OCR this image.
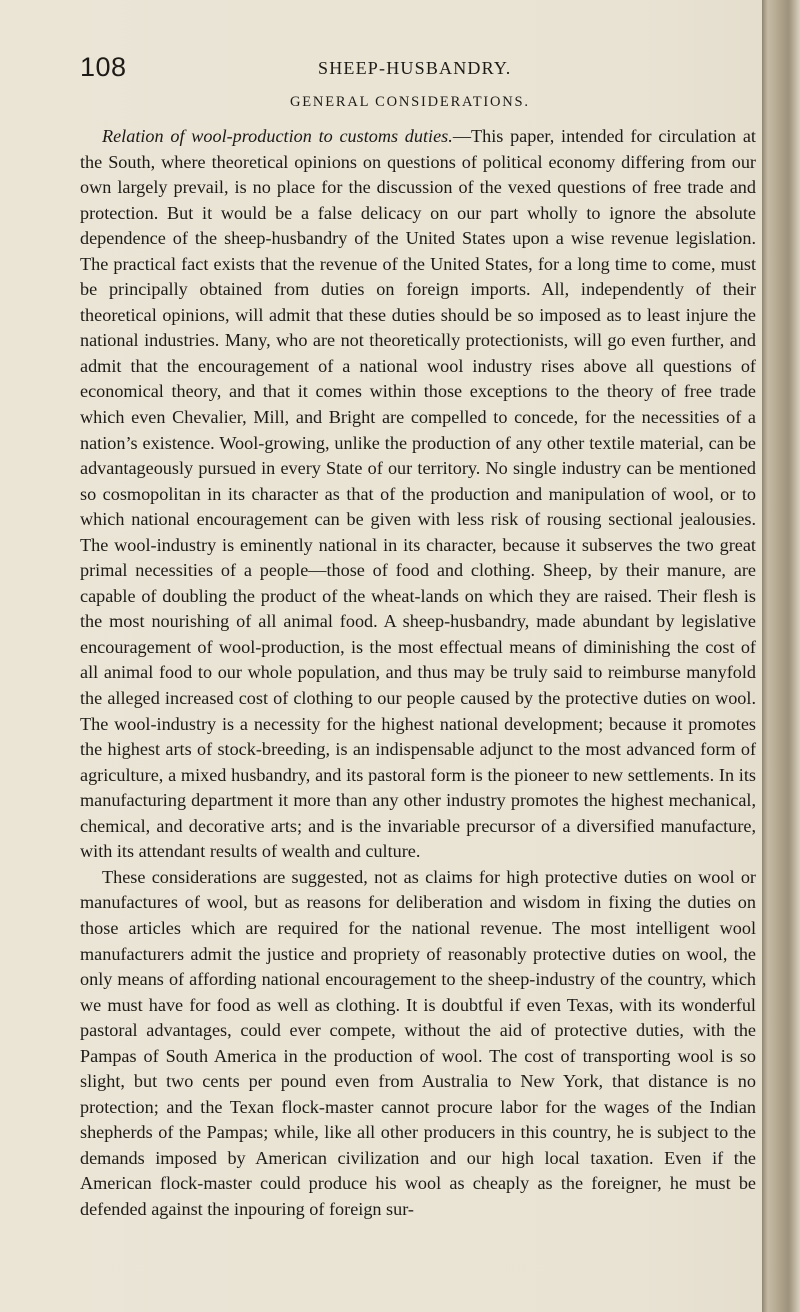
108	SHEEP-HUSBANDRY.
GENERAL CONSIDERATIONS.

Relation of wool-production to customs duties.—This paper, intended for circulation at the South, where theoretical opinions on questions of political economy differing from our own largely prevail, is no place for the discussion of the vexed questions of free trade and protection. But it would be a false delicacy on our part wholly to ignore the absolute dependence of the sheep-husbandry of the United States upon a wise revenue legislation. The practical fact exists that the revenue of the United States, for a long time to come, must be principally obtained from duties on foreign imports. All, independently of their theoretical opinions, will admit that these duties should be so imposed as to least injure the national industries. Many, who are not theoretically protectionists, will go even further, and admit that the encouragement of a national wool industry rises above all questions of economical theory, and that it comes within those exceptions to the theory of free trade which even Chevalier, Mill, and Bright are compelled to concede, for the necessities of a nation’s existence. Wool-growing, unlike the production of any other textile material, can be advantageously pursued in every State of our territory. No single industry can be mentioned so cosmopolitan in its character as that of the production and manipulation of wool, or to which national encouragement can be given with less risk of rousing sectional jealousies. The wool-industry is eminently national in its character, because it subserves the two great primal necessities of a people—those of food and clothing. Sheep, by their manure, are capable of doubling the product of the wheat-lands on which they are raised. Their flesh is the most nourishing of all animal food. A sheep-husbandry, made abundant by legislative encouragement of wool-production, is the most effectual means of diminishing the cost of all animal food to our whole population, and thus may be truly said to reimburse manyfold the alleged increased cost of clothing to our people caused by the protective duties on wool. The wool-industry is a necessity for the highest national development; because it promotes the highest arts of stock-breeding, is an indispensable adjunct to the most advanced form of agriculture, a mixed husbandry, and its pastoral form is the pioneer to new settlements. In its manufacturing department it more than any other industry promotes the highest mechanical, chemical, and decorative arts; and is the invariable precursor of a diversified manufacture, with its attendant results of wealth and culture.

These considerations are suggested, not as claims for high protective duties on wool or manufactures of wool, but as reasons for deliberation and wisdom in fixing the duties on those articles which are required for the national revenue. The most intelligent wool manufacturers admit the justice and propriety of reasonably protective duties on wool, the only means of affording national encouragement to the sheep-industry of the country, which we must have for food as well as clothing. It is doubtful if even Texas, with its wonderful pastoral advantages, could ever compete, without the aid of protective duties, with the Pampas of South America in the production of wool. The cost of transporting wool is so slight, but two cents per pound even from Australia to New York, that distance is no protection; and the Texan flock-master cannot procure labor for the wages of the Indian shepherds of the Pampas; while, like all other producers in this country, he is subject to the demands imposed by American civilization and our high local taxation. Even if the American flock-master could produce his wool as cheaply as the foreigner, he must be defended against the inpouring of foreign sur-
